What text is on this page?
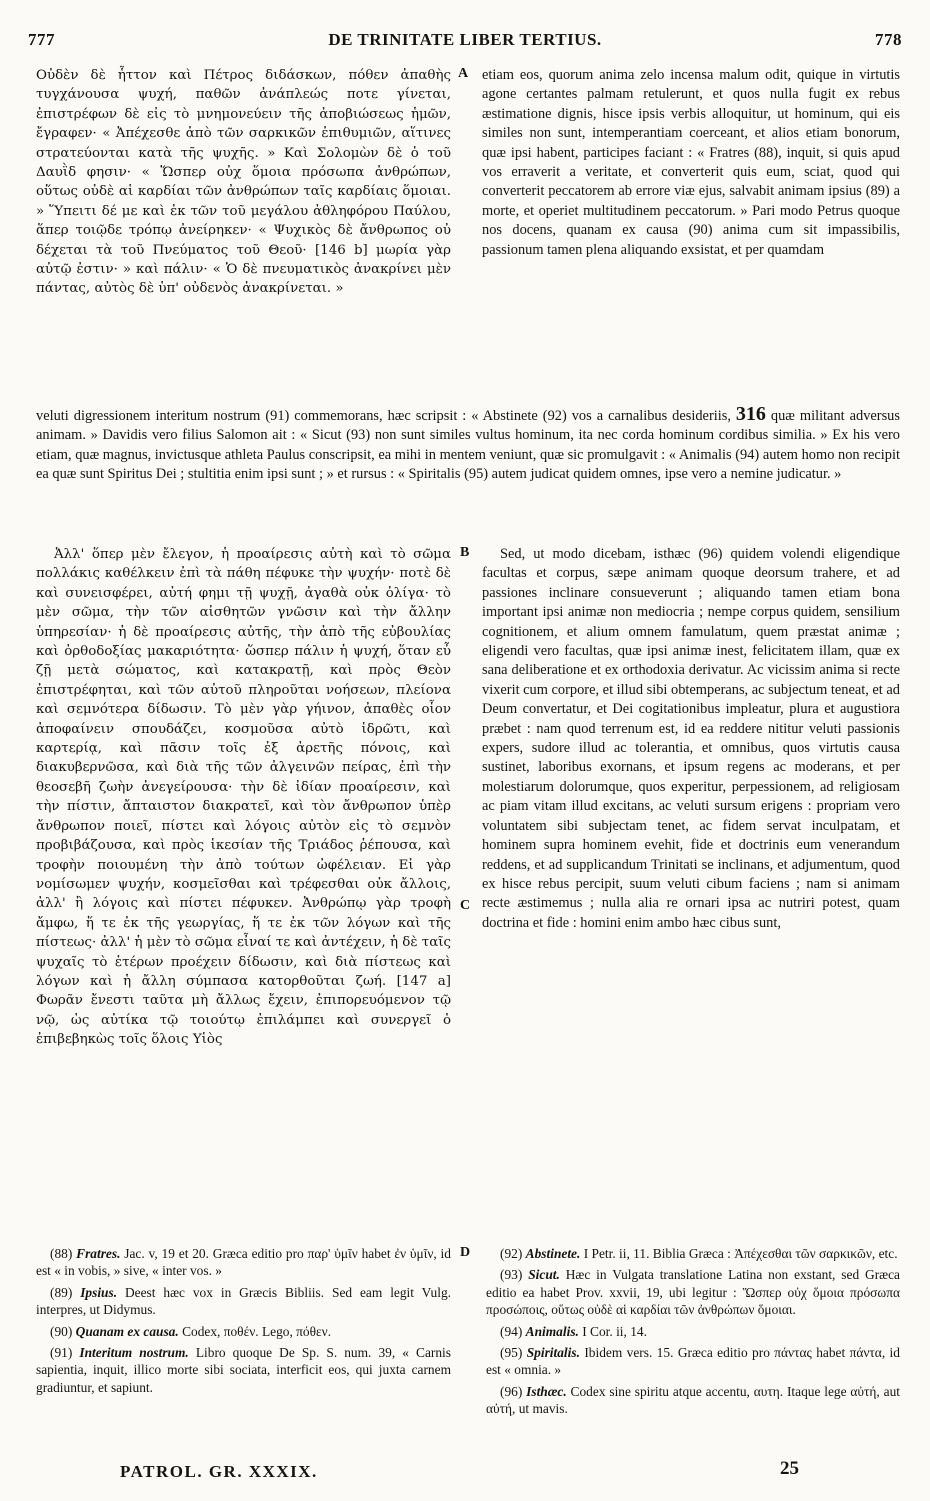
777	DE TRINITATE LIBER TERTIUS.	778

Οὐδὲν δὲ ἧττον καὶ Πέτρος διδάσκων, πόθεν ἀπαθὴς τυγχάνουσα ψυχή, παθῶν ἀνάπλεώς ποτε γίνεται, ἐπιστρέφων δὲ εἰς τὸ μνημονεύειν τῆς ἀποβιώσεως ἡμῶν, ἔγραφεν· « Ἀπέχεσθε ἀπὸ τῶν σαρκικῶν ἐπιθυμιῶν, αἵτινες στρατεύονται κατὰ τῆς ψυχῆς. » Καὶ Σολομὼν δὲ ὁ τοῦ Δαυῒδ φησιν· « Ὥσπερ οὐχ ὅμοια πρόσωπα ἀνθρώπων, οὕτως οὐδὲ αἱ καρδίαι τῶν ἀνθρώπων ταῖς καρδίαις ὅμοιαι. » Ὕπειτι δέ με καὶ ἐκ τῶν τοῦ μεγάλου ἀθληφόρου Παύλου, ἅπερ τοιῷδε τρόπῳ ἀνείρηκεν· « Ψυχικὸς δὲ ἄνθρωπος οὐ δέχεται τὰ τοῦ Πνεύματος τοῦ Θεοῦ· [146 b] μωρία γὰρ αὐτῷ ἐστιν· » καὶ πάλιν· « Ὁ δὲ πνευματικὸς ἀνακρίνει μὲν πάντας, αὐτὸς δὲ ὑπ' οὐδενὸς ἀνακρίνεται. »

A etiam eos, quorum anima zelo incensa malum odit, quique in virtutis agone certantes palmam retulerunt, et quos nulla fugit ex rebus æstimatione dignis, hisce ipsis verbis alloquitur, ut hominum, qui eis similes non sunt, intemperantiam coerceant, et alios etiam bonorum, quæ ipsi habent, participes faciant : « Fratres (88), inquit, si quis apud vos erraverit a veritate, et converterit quis eum, sciat, quod qui converterit peccatorem ab errore viæ ejus, salvabit animam ipsius (89) a morte, et operiet multitudinem peccatorum. » Pari modo Petrus quoque nos docens, quanam ex causa (90) anima cum sit impassibilis, passionum tamen plena aliquando exsistat, et per quamdam

veluti digressionem interitum nostrum (91) commemorans, hæc scripsit : « Abstinete (92) vos a carnalibus desideriis, 316 quæ militant adversus animam. » Davidis vero filius Salomon ait : « Sicut (93) non sunt similes vultus hominum, ita nec corda hominum cordibus similia. » Ex his vero etiam, quæ magnus, invictusque athleta Paulus conscripsit, ea mihi in mentem veniunt, quæ sic promulgavit : « Animalis (94) autem homo non recipit ea quæ sunt Spiritus Dei ; stultitia enim ipsi sunt ; » et rursus : « Spiritalis (95) autem judicat quidem omnes, ipse vero a nemine judicatur. »

Ἀλλ' ὅπερ μὲν ἔλεγον, ἡ προαίρεσις αὐτὴ καὶ τὸ σῶμα πολλάκις καθέλκειν ἐπὶ τὰ πάθη πέφυκε τὴν ψυχήν· ποτὲ δὲ καὶ συνεισφέρει, αὐτή φημι τῇ ψυχῇ, ἀγαθὰ οὐκ ὀλίγα· τὸ μὲν σῶμα, τὴν τῶν αἰσθητῶν γνῶσιν καὶ τὴν ἄλλην ὑπηρεσίαν· ἡ δὲ προαίρεσις αὐτῆς, τὴν ἀπὸ τῆς εὐβουλίας καὶ ὀρθοδοξίας μακαριότητα· ὥσπερ πάλιν ἡ ψυχή, ὅταν εὖ ζῇ μετὰ σώματος, καὶ κατακρατῇ, καὶ πρὸς Θεὸν ἐπιστρέφηται, καὶ τῶν αὐτοῦ πληροῦται νοήσεων, πλείονα καὶ σεμνότερα δίδωσιν. Τὸ μὲν γὰρ γήινον, ἀπαθὲς οἷον ἀποφαίνειν σπουδάζει, κοσμοῦσα αὐτὸ ἱδρῶτι, καὶ καρτερίᾳ, καὶ πᾶσιν τοῖς ἐξ ἀρετῆς πόνοις, καὶ διακυβερνῶσα, καὶ διὰ τῆς τῶν ἀλγεινῶν πείρας, ἐπὶ τὴν θεοσεβῆ ζωὴν ἀνεγείρουσα· τὴν δὲ ἰδίαν προαίρεσιν, καὶ τὴν πίστιν, ἄπταιστον διακρατεῖ, καὶ τὸν ἄνθρωπον ὑπὲρ ἄνθρωπον ποιεῖ, πίστει καὶ λόγοις αὐτὸν εἰς τὸ σεμνὸν προβιβάζουσα, καὶ πρὸς ἱκεσίαν τῆς Τριάδος ῥέπουσα, καὶ τροφὴν ποιουμένη τὴν ἀπὸ τούτων ὠφέλειαν. Εἰ γὰρ νομίσωμεν ψυχήν, κοσμεῖσθαι καὶ τρέφεσθαι οὐκ ἄλλοις, ἀλλ' ἢ λόγοις καὶ πίστει πέφυκεν. Ἀνθρώπῳ γὰρ τροφὴ ἄμφω, ἥ τε ἐκ τῆς γεωργίας, ἥ τε ἐκ τῶν λόγων καὶ τῆς πίστεως· ἀλλ' ἡ μὲν τὸ σῶμα εἶναί τε καὶ ἀντέχειν, ἡ δὲ ταῖς ψυχαῖς τὸ ἑτέρων προέχειν δίδωσιν, καὶ διὰ πίστεως καὶ λόγων καὶ ἡ ἄλλη σύμπασα κατορθοῦται ζωή. [147 a] Φωρᾶν ἔνεστι ταῦτα μὴ ἄλλως ἔχειν, ἐπιπορευόμενον τῷ νῷ, ὡς αὐτίκα τῷ τοιούτῳ ἐπιλάμπει καὶ συνεργεῖ ὁ ἐπιβεβηκὼς τοῖς ὅλοις Υἱὸς

B
C

Sed, ut modo dicebam, isthæc (96) quidem volendi eligendique facultas et corpus, sæpe animam quoque deorsum trahere, et ad passiones inclinare consueverunt ; aliquando tamen etiam bona important ipsi animæ non mediocria ; nempe corpus quidem, sensilium cognitionem, et alium omnem famulatum, quem præstat animæ ; eligendi vero facultas, quæ ipsi animæ inest, felicitatem illam, quæ ex sana deliberatione et ex orthodoxia derivatur. Ac vicissim anima si recte vixerit cum corpore, et illud sibi obtemperans, ac subjectum teneat, et ad Deum convertatur, et Dei cogitationibus impleatur, plura et augustiora præbet : nam quod terrenum est, id ea reddere nititur veluti passionis expers, sudore illud ac tolerantia, et omnibus, quos virtutis causa sustinet, laboribus exornans, et ipsum regens ac moderans, et per molestiarum dolorumque, quos experitur, perpessionem, ad religiosam ac piam vitam illud excitans, ac veluti sursum erigens : propriam vero voluntatem sibi subjectam tenet, ac fidem servat inculpatam, et hominem supra hominem evehit, fide et doctrinis eum venerandum reddens, et ad supplicandum Trinitati se inclinans, et adjumentum, quod ex hisce rebus percipit, suum veluti cibum faciens ; nam si animam recte æstimemus ; nulla alia re ornari ipsa ac nutriri potest, quam doctrina et fide : homini enim ambo hæc cibus sunt,

D

(88) Fratres. Jac. v, 19 et 20. Græca editio pro παρ' ὑμῖν habet ἐν ὑμῖν, id est « in vobis, » sive, « inter vos. »

(89) Ipsius. Deest hæc vox in Græcis Bibliis. Sed eam legit Vulg. interpres, ut Didymus.

(90) Quanam ex causa. Codex, ποθέν. Lego, πόθεν.

(91) Interitum nostrum. Libro quoque De Sp. S. num. 39, « Carnis sapientia, inquit, illico morte sibi sociata, interficit eos, qui juxta carnem gradiuntur, et sapiunt.

(92) Abstinete. I Petr. ii, 11. Biblia Græca : Ἀπέχεσθαι τῶν σαρκικῶν, etc.

(93) Sicut. Hæc in Vulgata translatione Latina non exstant, sed Græca editio ea habet Prov. xxvii, 19, ubi legitur : Ὥσπερ οὐχ ὅμοια πρόσωπα προσώποις, οὕτως οὐδὲ αἱ καρδίαι τῶν ἀνθρώπων ὅμοιαι.

(94) Animalis. I Cor. ii, 14.

(95) Spiritalis. Ibidem vers. 15. Græca editio pro πάντας habet πάντα, id est « omnia. »

(96) Isthæc. Codex sine spiritu atque accentu, αυτη. Itaque lege αὐτή, aut αὐτή, ut mavis.

PATROL. GR. XXXIX.	25
